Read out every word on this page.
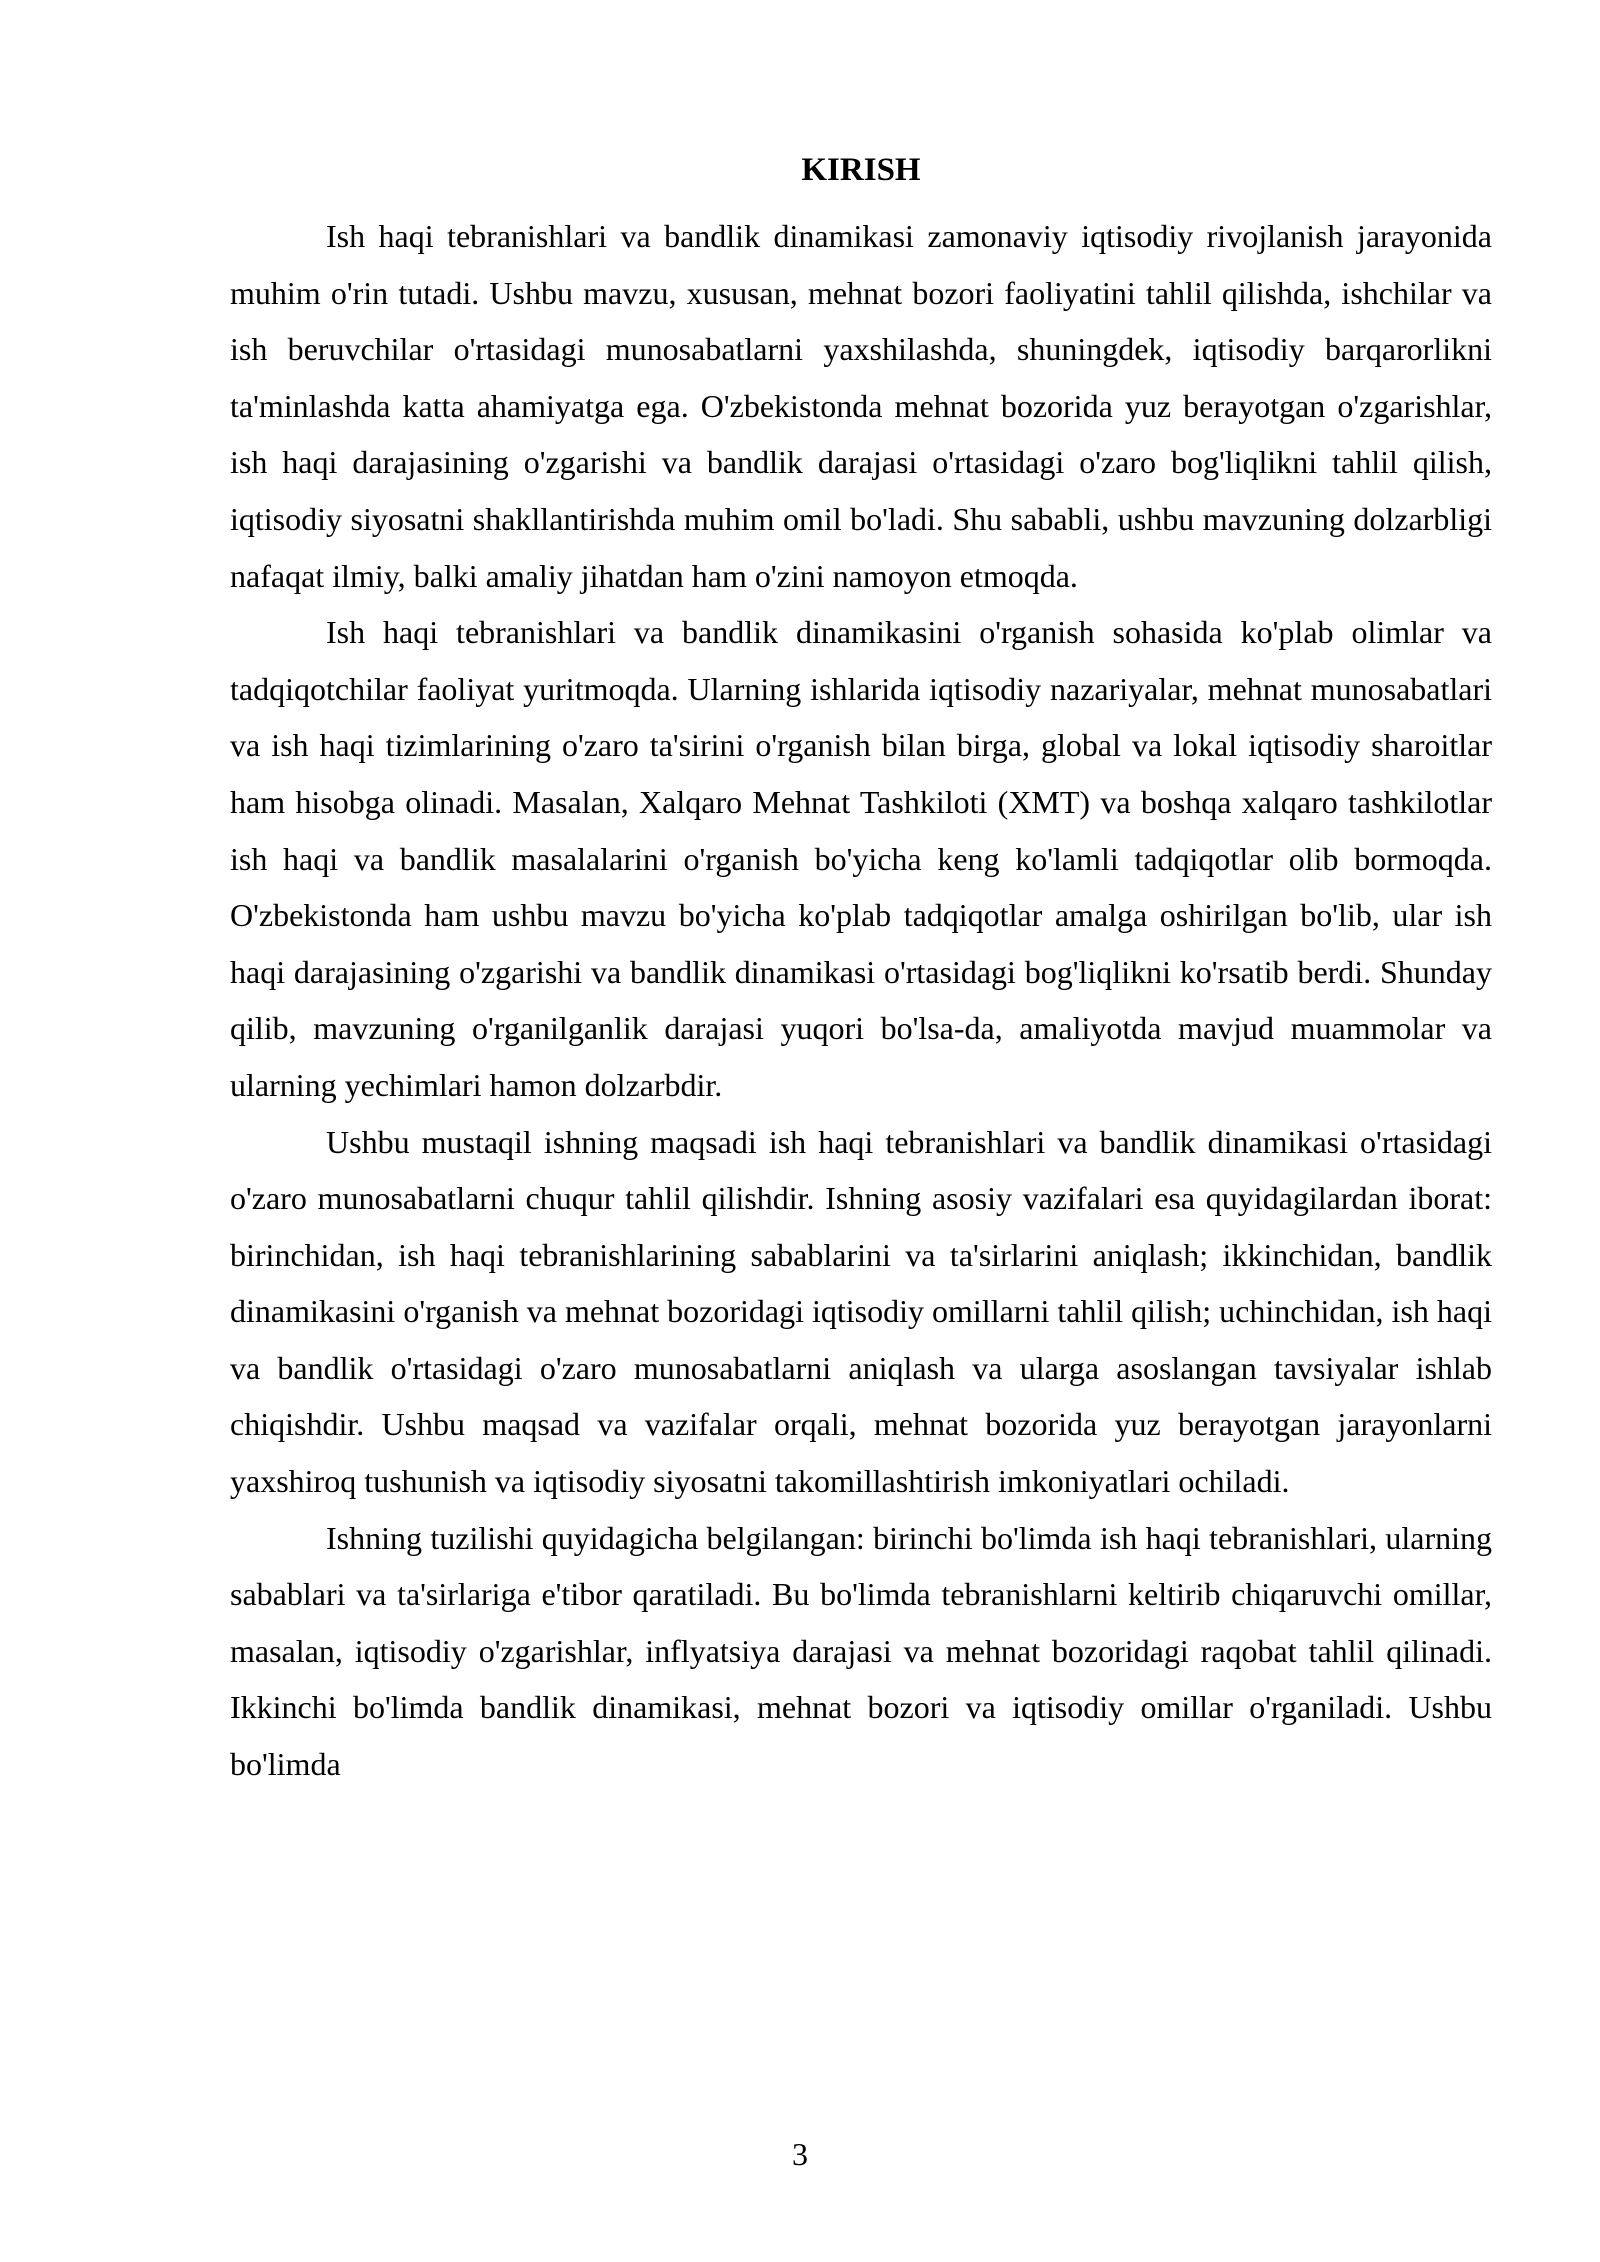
KIRISH

Ish haqi tebranishlari va bandlik dinamikasi zamonaviy iqtisodiy rivojlanish jarayonida muhim o'rin tutadi. Ushbu mavzu, xususan, mehnat bozori faoliyatini tahlil qilishda, ishchilar va ish beruvchilar o'rtasidagi munosabatlarni yaxshilashda, shuningdek, iqtisodiy barqarorlikni ta'minlashda katta ahamiyatga ega. O'zbekistonda mehnat bozorida yuz berayotgan o'zgarishlar, ish haqi darajasining o'zgarishi va bandlik darajasi o'rtasidagi o'zaro bog'liqlikni tahlil qilish, iqtisodiy siyosatni shakllantirishda muhim omil bo'ladi. Shu sababli, ushbu mavzuning dolzarbligi nafaqat ilmiy, balki amaliy jihatdan ham o'zini namoyon etmoqda.

Ish haqi tebranishlari va bandlik dinamikasini o'rganish sohasida ko'plab olimlar va tadqiqotchilar faoliyat yuritmoqda. Ularning ishlarida iqtisodiy nazariyalar, mehnat munosabatlari va ish haqi tizimlarining o'zaro ta'sirini o'rganish bilan birga, global va lokal iqtisodiy sharoitlar ham hisobga olinadi. Masalan, Xalqaro Mehnat Tashkiloti (XMT) va boshqa xalqaro tashkilotlar ish haqi va bandlik masalalarini o'rganish bo'yicha keng ko'lamli tadqiqotlar olib bormoqda. O'zbekistonda ham ushbu mavzu bo'yicha ko'plab tadqiqotlar amalga oshirilgan bo'lib, ular ish haqi darajasining o'zgarishi va bandlik dinamikasi o'rtasidagi bog'liqlikni ko'rsatib berdi. Shunday qilib, mavzuning o'rganilganlik darajasi yuqori bo'lsa-da, amaliyotda mavjud muammolar va ularning yechimlari hamon dolzarbdir.

Ushbu mustaqil ishning maqsadi ish haqi tebranishlari va bandlik dinamikasi o'rtasidagi o'zaro munosabatlarni chuqur tahlil qilishdir. Ishning asosiy vazifalari esa quyidagilardan iborat: birinchidan, ish haqi tebranishlarining sabablarini va ta'sirlarini aniqlash; ikkinchidan, bandlik dinamikasini o'rganish va mehnat bozoridagi iqtisodiy omillarni tahlil qilish; uchinchidan, ish haqi va bandlik o'rtasidagi o'zaro munosabatlarni aniqlash va ularga asoslangan tavsiyalar ishlab chiqishdir. Ushbu maqsad va vazifalar orqali, mehnat bozorida yuz berayotgan jarayonlarni yaxshiroq tushunish va iqtisodiy siyosatni takomillashtirish imkoniyatlari ochiladi.

Ishning tuzilishi quyidagicha belgilangan: birinchi bo'limda ish haqi tebranishlari, ularning sabablari va ta'sirlariga e'tibor qaratiladi. Bu bo'limda tebranishlarni keltirib chiqaruvchi omillar, masalan, iqtisodiy o'zgarishlar, inflyatsiya darajasi va mehnat bozoridagi raqobat tahlil qilinadi. Ikkinchi bo'limda bandlik dinamikasi, mehnat bozori va iqtisodiy omillar o'rganiladi. Ushbu bo'limda

3
